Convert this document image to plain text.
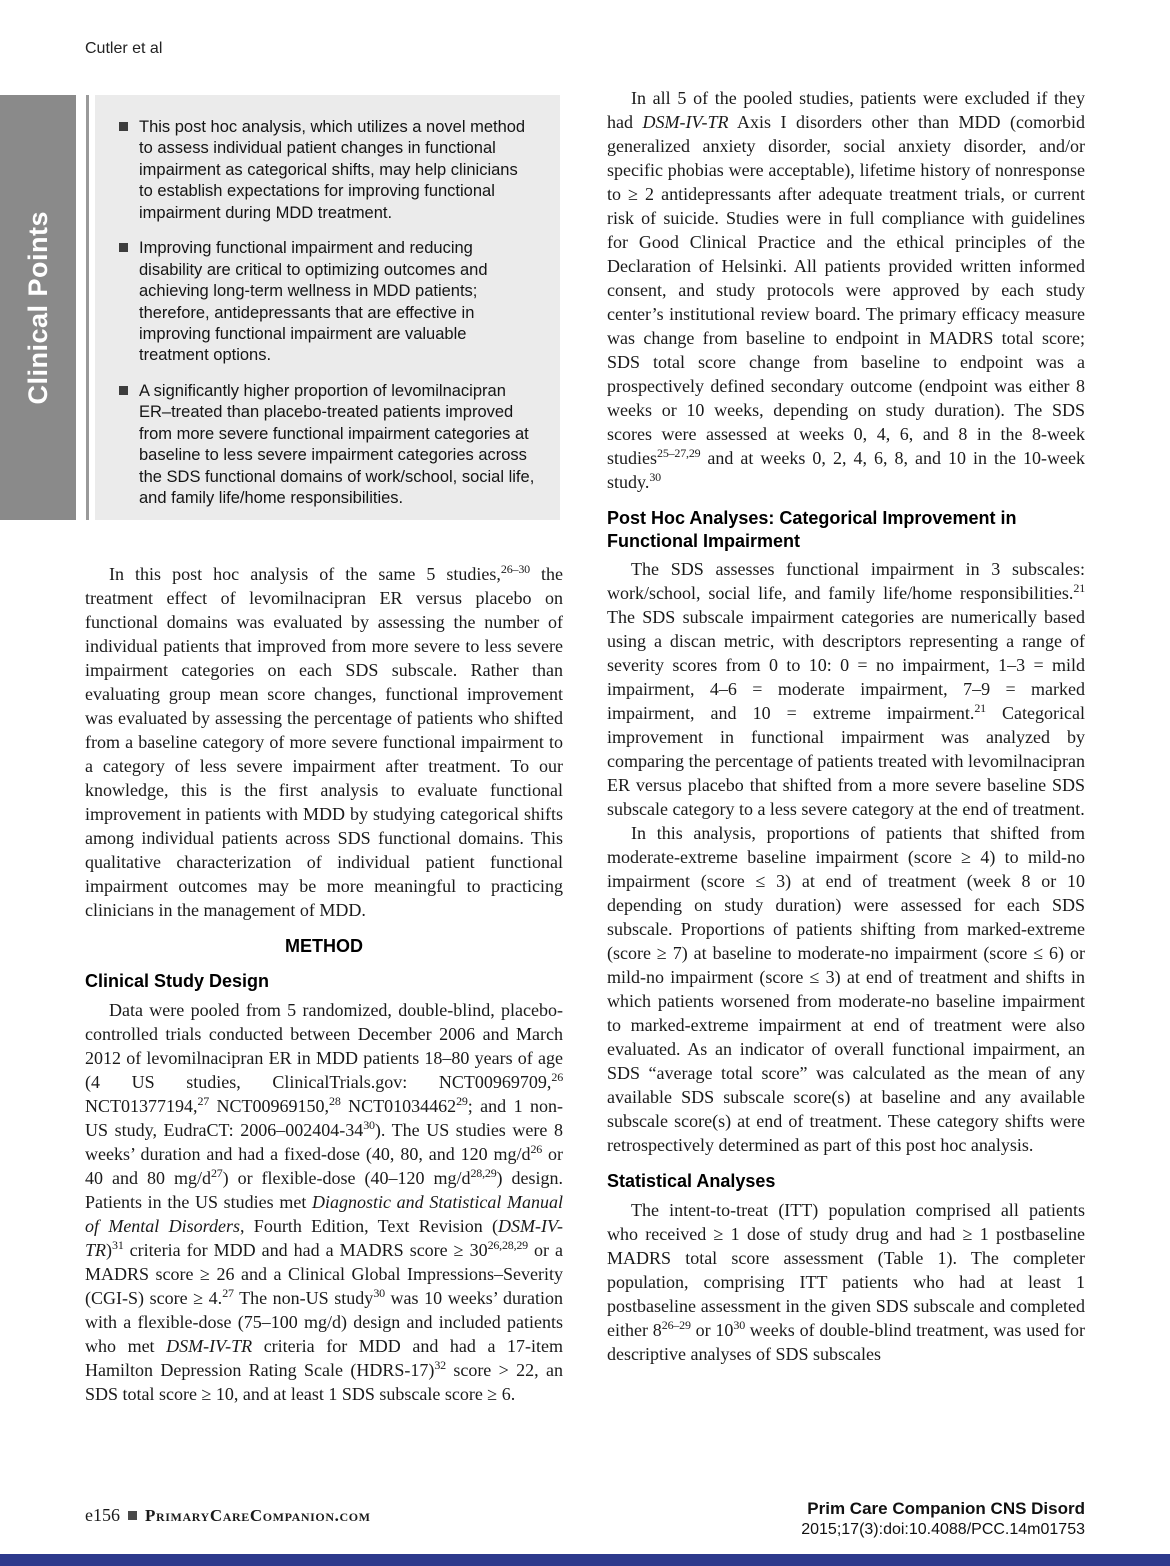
Cutler et al
Clinical Points
This post hoc analysis, which utilizes a novel method to assess individual patient changes in functional impairment as categorical shifts, may help clinicians to establish expectations for improving functional impairment during MDD treatment.
Improving functional impairment and reducing disability are critical to optimizing outcomes and achieving long-term wellness in MDD patients; therefore, antidepressants that are effective in improving functional impairment are valuable treatment options.
A significantly higher proportion of levomilnacipran ER–treated than placebo-treated patients improved from more severe functional impairment categories at baseline to less severe impairment categories across the SDS functional domains of work/school, social life, and family life/home responsibilities.

In this post hoc analysis of the same 5 studies,$^{26-30}$ the treatment effect of levomilnacipran ER versus placebo on functional domains was evaluated by assessing the number of individual patients that improved from more severe to less severe impairment categories on each SDS subscale. Rather than evaluating group mean score changes, functional improvement was evaluated by assessing the percentage of patients who shifted from a baseline category of more severe functional impairment to a category of less severe impairment after treatment. To our knowledge, this is the first analysis to evaluate functional improvement in patients with MDD by studying categorical shifts among individual patients across SDS functional domains. This qualitative characterization of individual patient functional impairment outcomes may be more meaningful to practicing clinicians in the management of MDD.

METHOD
Clinical Study Design

Data were pooled from 5 randomized, double-blind, placebo-controlled trials conducted between December 2006 and March 2012 of levomilnacipran ER in MDD patients 18–80 years of age (4 US studies, ClinicalTrials.gov: NCT00969709,26 NCT01377194,27 NCT00969150,28 NCT01034462$^{29}$; and 1 non-US study, EudraCT: $2006-002404-34^{30}$). The US studies were 8 weeks’ duration and had a fixed-dose (40, 80, and 120 $mg/d^{26}$ or 40 and 80 $mg/d^{27}$) or flexible-dose (40–120 $mg/d^{28,29}$) design. Patients in the US studies met Diagnostic and Statistical Manual of Mental Disorders, Fourth Edition, Text Revision $(DSM-IV-TR)^{31}$ criteria for MDD and had a MADRS score ≥ $30^{26,28,29}$ or a MADRS score ≥ 26 and a Clinical Global Impressions–Severity (CGI-S) score ≥ 4.27 The non-US study$^{30}$ was 10 weeks’ duration with a flexible-dose (75–100 mg/d) design and included patients who met DSM-IV-TR criteria for MDD and had a 17-item Hamilton Depression Rating Scale (HDRS-17)$^{32}$ score > 22, an SDS total score ≥ 10, and at least 1 SDS subscale score ≥ 6.

In all 5 of the pooled studies, patients were excluded if they had DSM-IV-TR Axis I disorders other than MDD (comorbid generalized anxiety disorder, social anxiety disorder, and/or specific phobias were acceptable), lifetime history of nonresponse to ≥ 2 antidepressants after adequate treatment trials, or current risk of suicide. Studies were in full compliance with guidelines for Good Clinical Practice and the ethical principles of the Declaration of Helsinki. All patients provided written informed consent, and study protocols were approved by each study center’s institutional review board. The primary efficacy measure was change from baseline to endpoint in MADRS total score; SDS total score change from baseline to endpoint was a prospectively defined secondary outcome (endpoint was either 8 weeks or 10 weeks, depending on study duration). The SDS scores were assessed at weeks 0, 4, 6, and 8 in the 8-week studies$^{25-27,29}$ and at weeks 0, 2, 4, 6, 8, and 10 in the 10-week study.$^{30}$

Post Hoc Analyses: Categorical Improvement in Functional Impairment

The SDS assesses functional impairment in 3 subscales: work/school, social life, and family life/home responsibilities.$^{21}$ The SDS subscale impairment categories are numerically based using a discan metric, with descriptors representing a range of severity scores from 0 to 10: 0 = no impairment, 1–3 = mild impairment, 4–6 = moderate impairment, 7–9 = marked impairment, and 10 = extreme impairment.$^{21}$ Categorical improvement in functional impairment was analyzed by comparing the percentage of patients treated with levomilnacipran ER versus placebo that shifted from a more severe baseline SDS subscale category to a less severe category at the end of treatment.

In this analysis, proportions of patients that shifted from moderate-extreme baseline impairment (score ≥ 4) to mild-no impairment (score ≤ 3) at end of treatment (week 8 or 10 depending on study duration) were assessed for each SDS subscale. Proportions of patients shifting from marked-extreme (score ≥ 7) at baseline to moderate-no impairment (score ≤ 6) or mild-no impairment (score ≤ 3) at end of treatment and shifts in which patients worsened from moderate-no baseline impairment to marked-extreme impairment at end of treatment were also evaluated. As an indicator of overall functional impairment, an SDS “average total score” was calculated as the mean of any available SDS subscale score(s) at baseline and any available subscale score(s) at end of treatment. These category shifts were retrospectively determined as part of this post hoc analysis.

Statistical Analyses

The intent-to-treat (ITT) population comprised all patients who received ≥ 1 dose of study drug and had ≥ 1 postbaseline MADRS total score assessment (Table 1). The completer population, comprising ITT patients who had at least 1 postbaseline assessment in the given SDS subscale and completed either 8$^{26-29}$ or $10^{30}$ weeks of double-blind treatment, was used for descriptive analyses of SDS subscales

e156 PrimaryCareCompanion.com	Prim Care Companion CNS Disord
2015;17(3):doi:10.4088/PCC.14m01753
